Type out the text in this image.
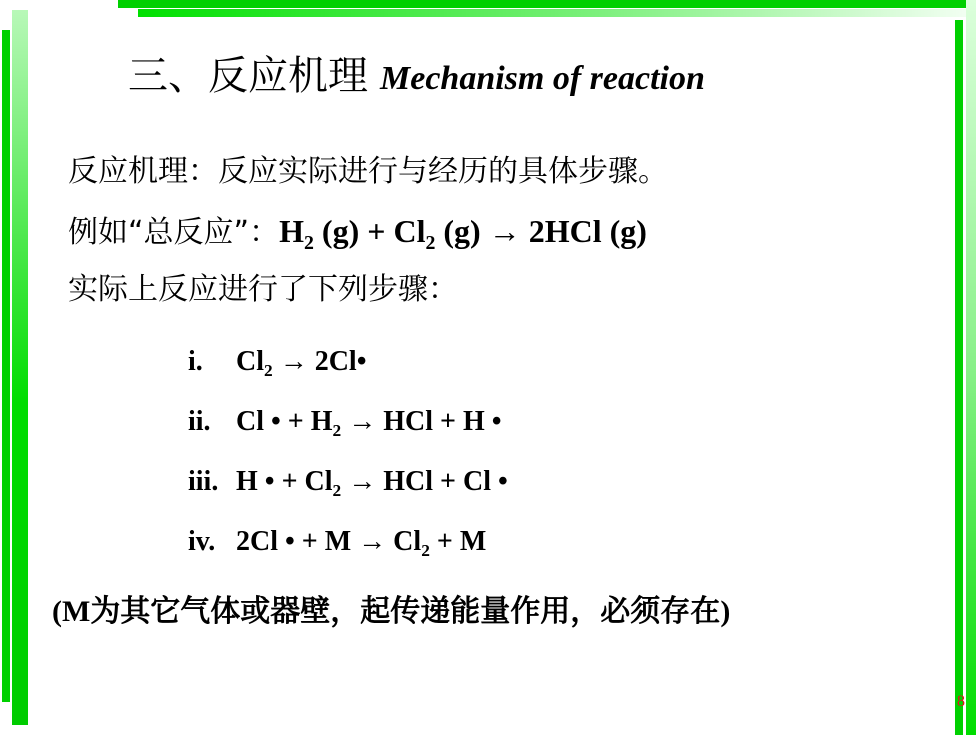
三、反应机理 Mechanism of reaction
反应机理：反应实际进行与经历的具体步骤。
例如“总反应”：$H_2$ $(g) + Cl_2$ (g) → 2HCl (g)
实际上反应进行了下列步骤：
i. $Cl_2$ → 2Cl•
ii. Cl • + $H_2$ → HCl + H •
iii. H • + $Cl_2$ → HCl + Cl •
iv. 2Cl • + $M \to Cl_2 + M$
(M为其它气体或器壁，起传递能量作用，必须存在)
8
